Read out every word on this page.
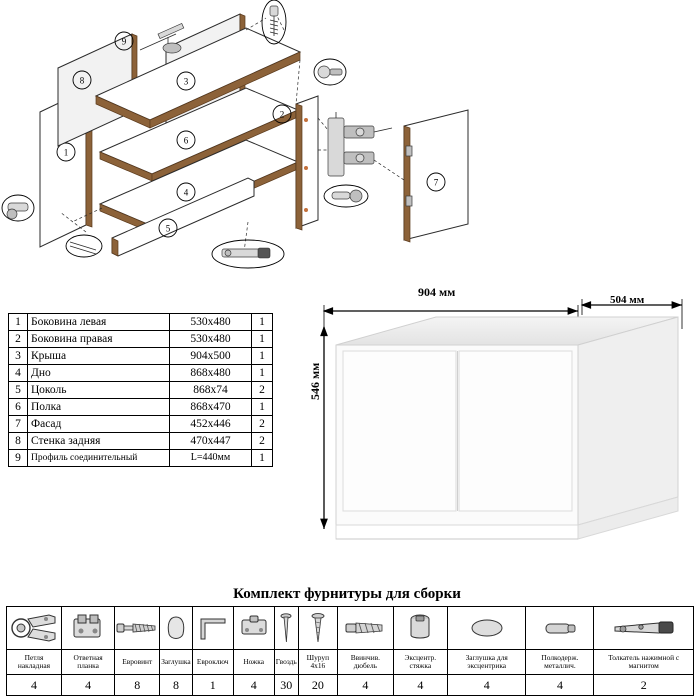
1
8
9
3
6
4
5
2
7
1	Боковина левая	530x480	1
2	Боковина правая	530x480	1
3	Крыша	904x500	1
4	Дно	868x480	1
5	Цоколь	868x74	2
6	Полка	868x470	1
7	Фасад	452x446	2
8	Стенка задняя	470x447	2
9	Профиль соединительный	L=440мм	1
904 мм
504 мм
546 мм
Комплект фурнитуры для сборки

Петля накладная	Ответная планка	Евровинт	Заглушка	Евроключ	Ножка	Гвоздь	Шуруп 4х16	Ввинчив. дюбель	Эксцентр. стяжка	Заглушка для эксцентрика	Полкодерж. металлич.	Толкатель нажимной с магнитом
4	4	8	8	1	4	30	20	4	4	4	4	2
